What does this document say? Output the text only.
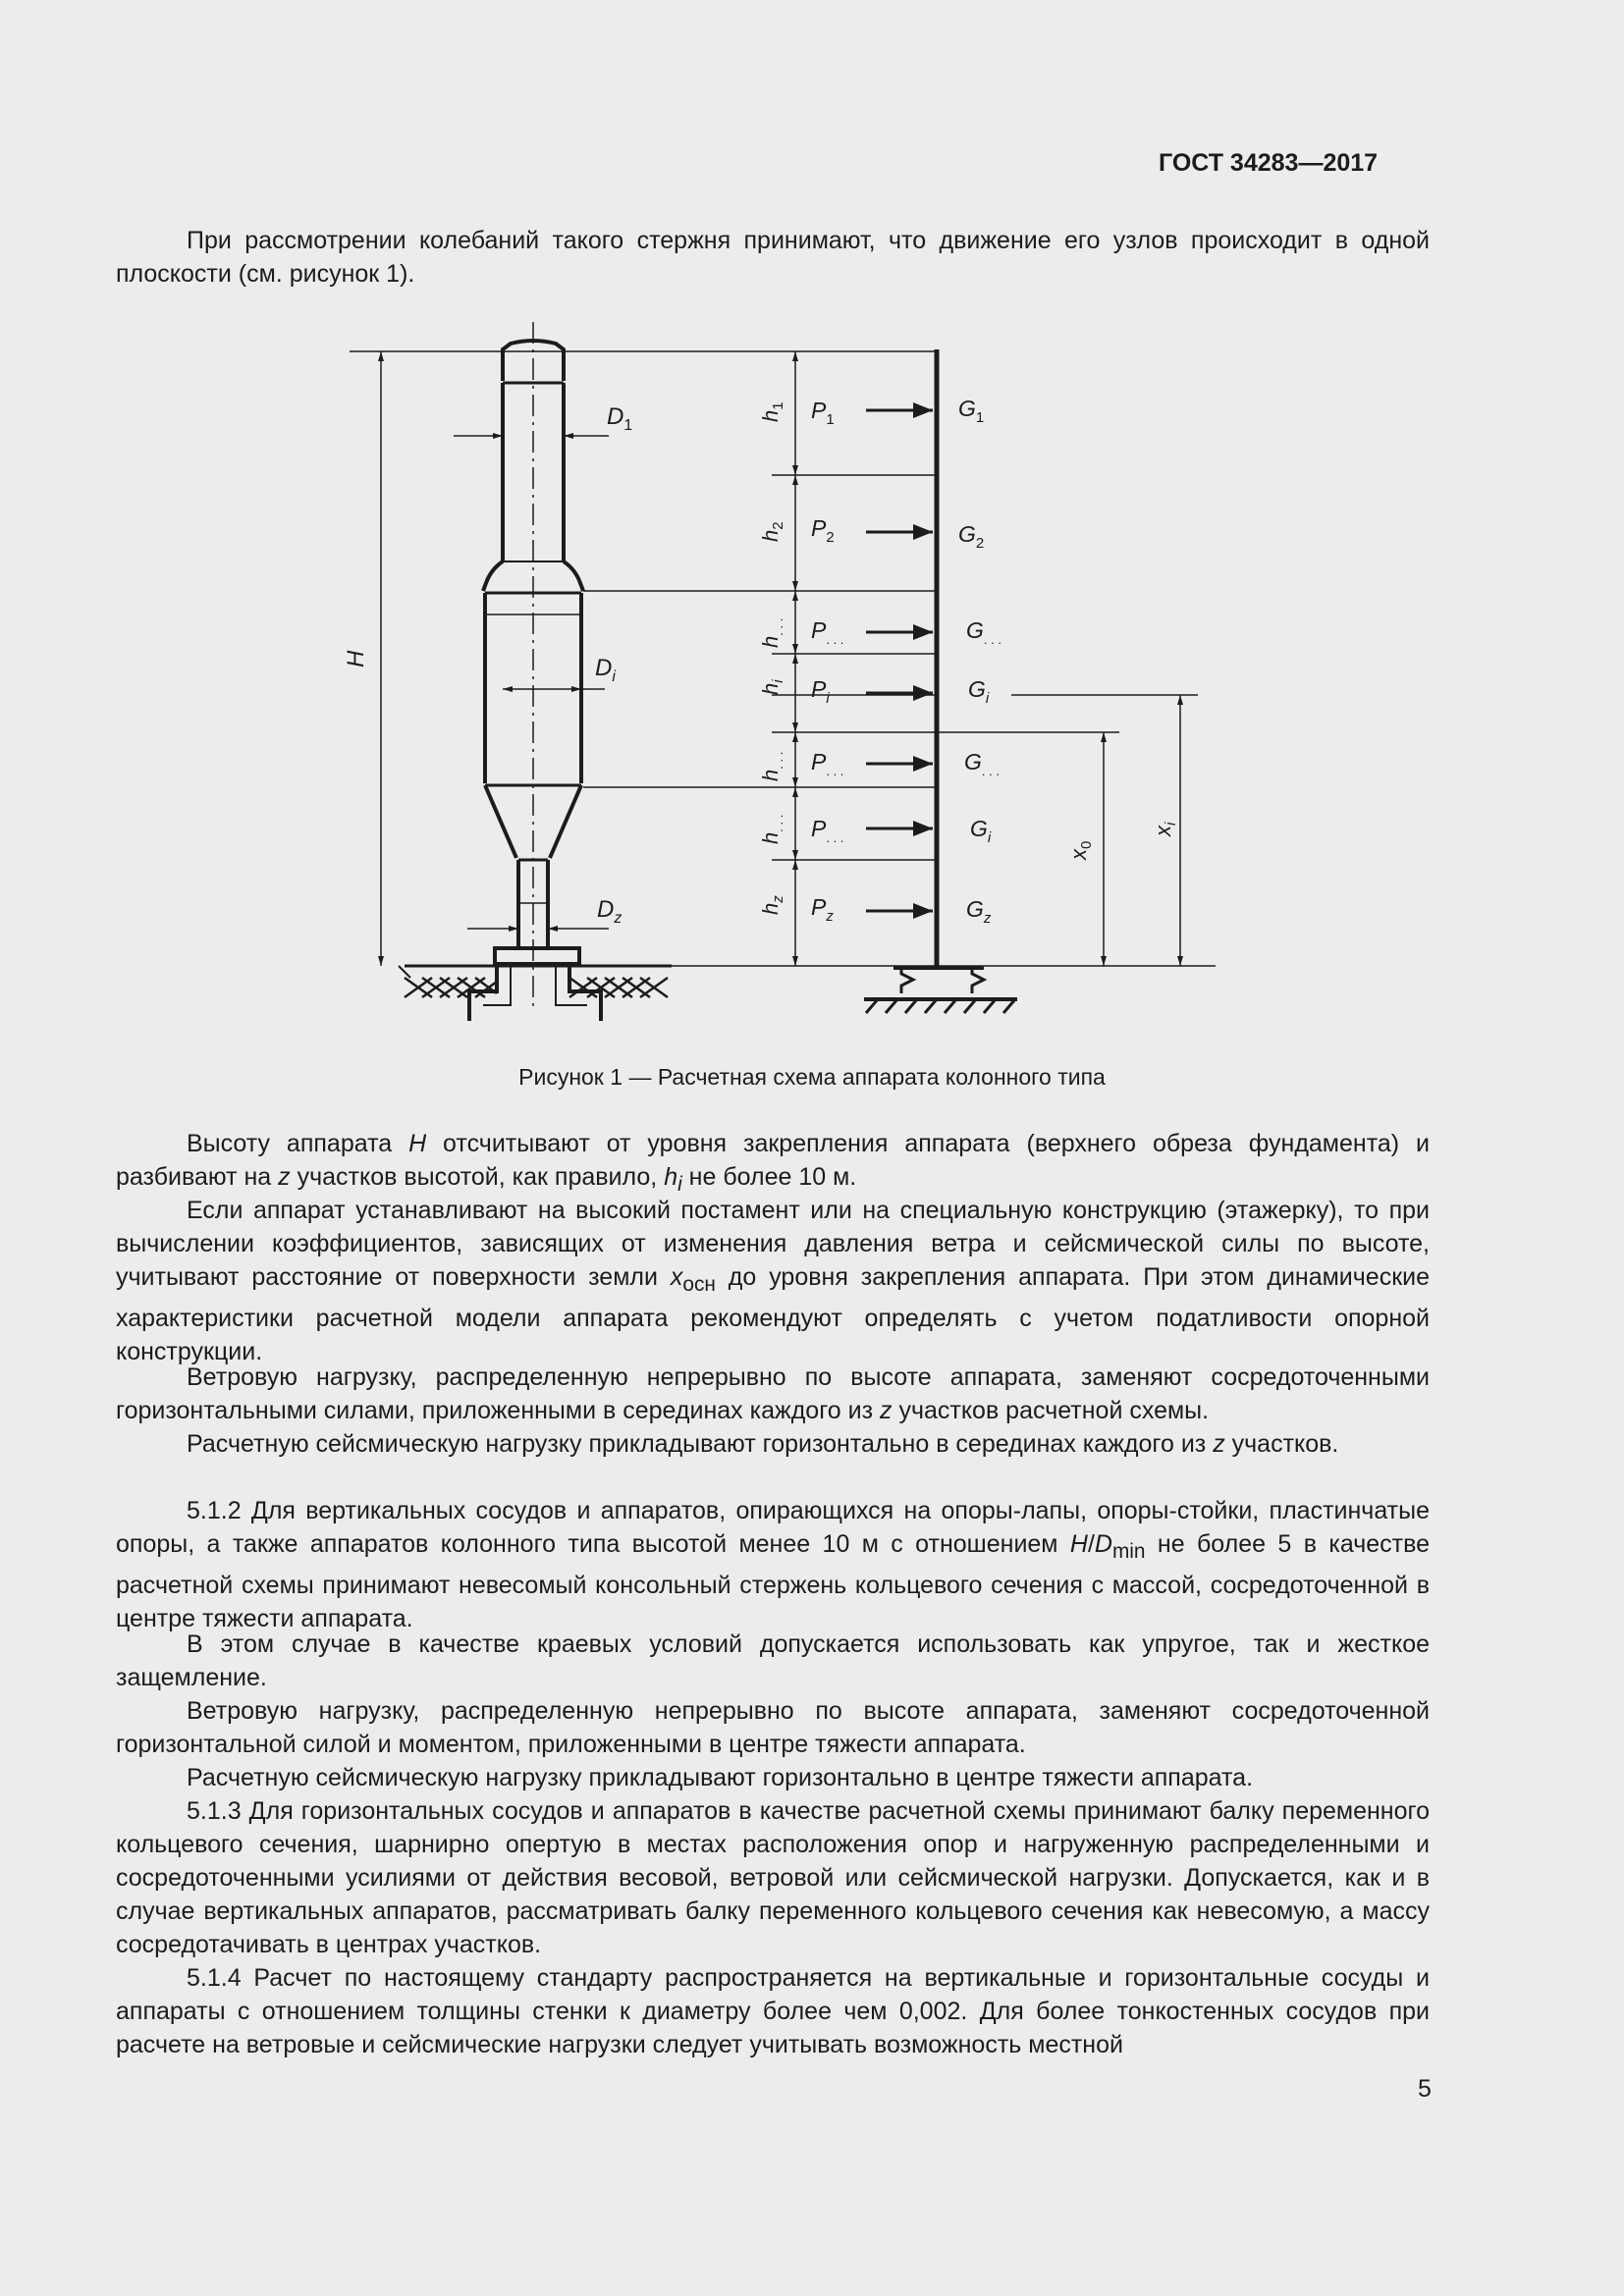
ГОСТ 34283—2017

При рассмотрении колебаний такого стержня принимают, что движение его узлов происходит в одной плоскости (см. рисунок 1).

$D_1$
$D_i$
$D_z$
H
$h_1$
$h_2$
$h_{. . .}$
$h_i$
$h_{. . .}$
$h_{. . .}$
$h_z$
$P_1$
$P_2$
$P_{. . .}$
$P_i$
$P_{. . .}$
$P_{. . .}$
$P_z$
$G_1$
$G_2$
$G_{. . .}$
$G_i$
$G_{. . .}$
$G_i$
$G_z$
$x_0$
$x_i$
Рисунок 1 — Расчетная схема аппарата колонного типа

Высоту аппарата H отсчитывают от уровня закрепления аппарата (верхнего обреза фундамента) и разбивают на z участков высотой, как правило, $h_i$ не более 10 м.

Если аппарат устанавливают на высокий постамент или на специальную конструкцию (этажерку), то при вычислении коэффициентов, зависящих от изменения давления ветра и сейсмической силы по высоте, учитывают расстояние от поверхности земли $x_{осн}$ до уровня закрепления аппарата. При этом динамические характеристики расчетной модели аппарата рекомендуют определять с учетом податливости опорной конструкции.

Ветровую нагрузку, распределенную непрерывно по высоте аппарата, заменяют сосредоточенными горизонтальными силами, приложенными в серединах каждого из z участков расчетной схемы.

Расчетную сейсмическую нагрузку прикладывают горизонтально в серединах каждого из z участков.

5.1.2 Для вертикальных сосудов и аппаратов, опирающихся на опоры-лапы, опоры-стойки, пластинчатые опоры, а также аппаратов колонного типа высотой менее 10 м с отношением $H/D_{min}$ не более 5 в качестве расчетной схемы принимают невесомый консольный стержень кольцевого сечения с массой, сосредоточенной в центре тяжести аппарата.

В этом случае в качестве краевых условий допускается использовать как упругое, так и жесткое защемление.

Ветровую нагрузку, распределенную непрерывно по высоте аппарата, заменяют сосредоточенной горизонтальной силой и моментом, приложенными в центре тяжести аппарата.

Расчетную сейсмическую нагрузку прикладывают горизонтально в центре тяжести аппарата.

5.1.3 Для горизонтальных сосудов и аппаратов в качестве расчетной схемы принимают балку переменного кольцевого сечения, шарнирно опертую в местах расположения опор и нагруженную распределенными и сосредоточенными усилиями от действия весовой, ветровой или сейсмической нагрузки. Допускается, как и в случае вертикальных аппаратов, рассматривать балку переменного кольцевого сечения как невесомую, а массу сосредотачивать в центрах участков.

5.1.4 Расчет по настоящему стандарту распространяется на вертикальные и горизонтальные сосуды и аппараты с отношением толщины стенки к диаметру более чем 0,002. Для более тонкостенных сосудов при расчете на ветровые и сейсмические нагрузки следует учитывать возможность местной

5
